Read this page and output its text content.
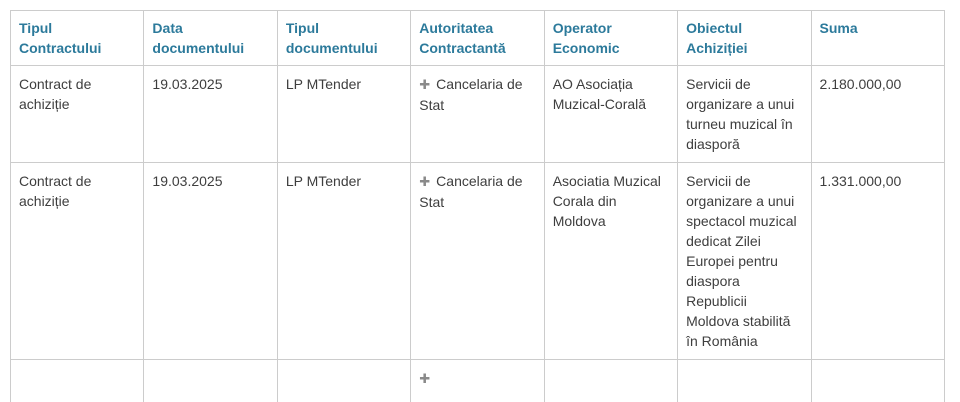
Tipul Contractului	Data documentului	Tipul documentului	Autoritatea Contractantă	Operator Economic	Obiectul Achiziției	Suma
Contract de achiziție	19.03.2025	LP MTender	✚ Cancelaria de Stat	AO Asociația Muzical-Corală	Servicii de organizare a unui turneu muzical în diasporă	2.180.000,00
Contract de achiziție	19.03.2025	LP MTender	✚ Cancelaria de Stat	Asociatia Muzical Corala din Moldova	Servicii de organizare a unui spectacol muzical dedicat Zilei Europei pentru diaspora Republicii Moldova stabilită în România	1.331.000,00
			✚			
